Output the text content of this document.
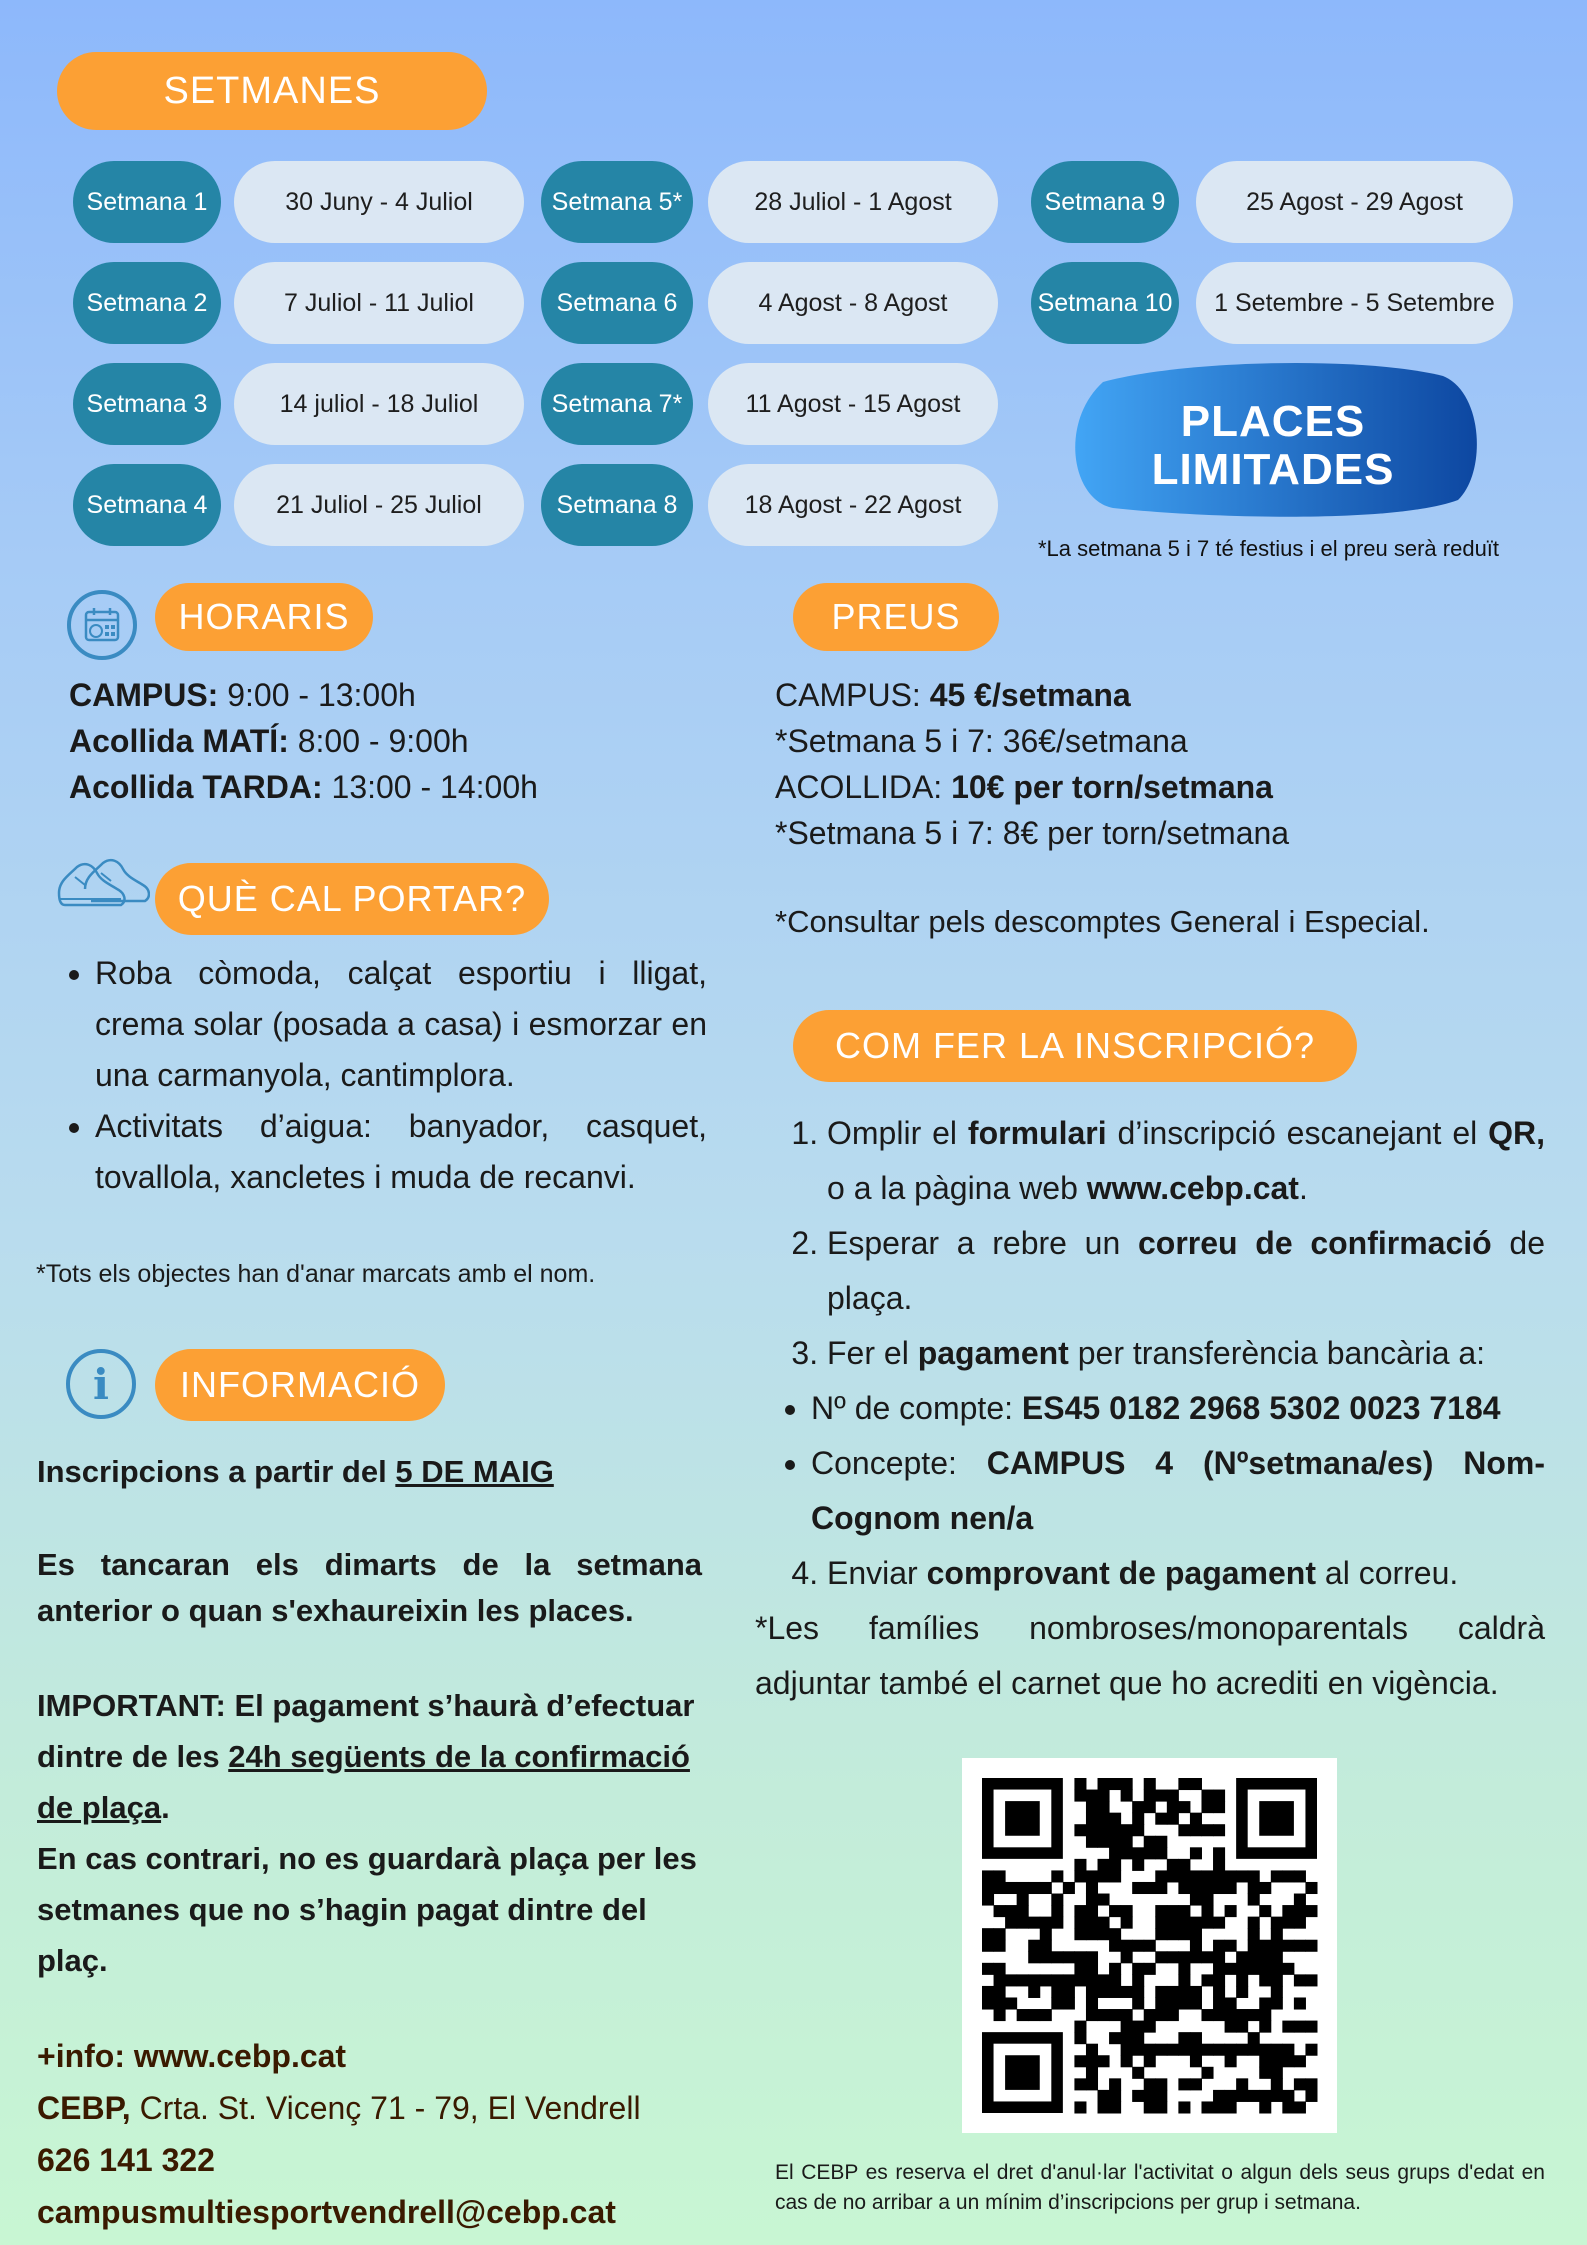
SETMANES
Setmana 1	30 Juny - 4 Juliol
Setmana 2	7 Juliol - 11 Juliol
Setmana 3	14 juliol - 18 Juliol
Setmana 4	21 Juliol - 25 Juliol
Setmana 5*	28 Juliol - 1 Agost
Setmana 6	4 Agost - 8 Agost
Setmana 7*	11 Agost - 15 Agost
Setmana 8	18 Agost - 22 Agost
Setmana 9	25 Agost - 29 Agost
Setmana 10	1 Setembre - 5 Setembre
PLACES
LIMITADES
*La setmana 5 i 7 té festius i el preu serà reduït
HORARIS
CAMPUS: 9:00 - 13:00h
Acollida MATÍ: 8:00 - 9:00h
Acollida TARDA: 13:00 - 14:00h
PREUS
CAMPUS: 45 €/setmana
*Setmana 5 i 7: 36€/setmana
ACOLLIDA: 10€ per torn/setmana
*Setmana 5 i 7: 8€ per torn/setmana
*Consultar pels descomptes General i Especial.
QUÈ CAL PORTAR?
• Roba còmoda, calçat esportiu i lligat, crema solar (posada a casa) i esmorzar en una carmanyola, cantimplora.
• Activitats d’aigua: banyador, casquet, tovallola, xancletes i muda de recanvi.
*Tots els objectes han d'anar marcats amb el nom.
i	INFORMACIÓ
Inscripcions a partir del 5 DE MAIG
Es tancaran els dimarts de la setmana anterior o quan s'exhaureixin les places.
IMPORTANT: El pagament s’haurà d’efectuar dintre de les 24h següents de la confirmació de plaça.
En cas contrari, no es guardarà plaça per les setmanes que no s’hagin pagat dintre del plaç.
+info: www.cebp.cat
CEBP, Crta. St. Vicenç 71 - 79, El Vendrell
626 141 322
campusmultiesportvendrell@cebp.cat
COM FER LA INSCRIPCIÓ?
1. Omplir el formulari d’inscripció escanejant el QR, o a la pàgina web www.cebp.cat.
2. Esperar a rebre un correu de confirmació de plaça.
3. Fer el pagament per transferència bancària a:
• Nº de compte: ES45 0182 2968 5302 0023 7184
• Concepte: CAMPUS 4 (Nºsetmana/es) Nom-Cognom nen/a
4. Enviar comprovant de pagament al correu.
*Les famílies nombroses/monoparentals caldrà adjuntar també el carnet que ho acrediti en vigència.
El CEBP es reserva el dret d'anul·lar l'activitat o algun dels seus grups d'edat en cas de no arribar a un mínim d’inscripcions per grup i setmana.
